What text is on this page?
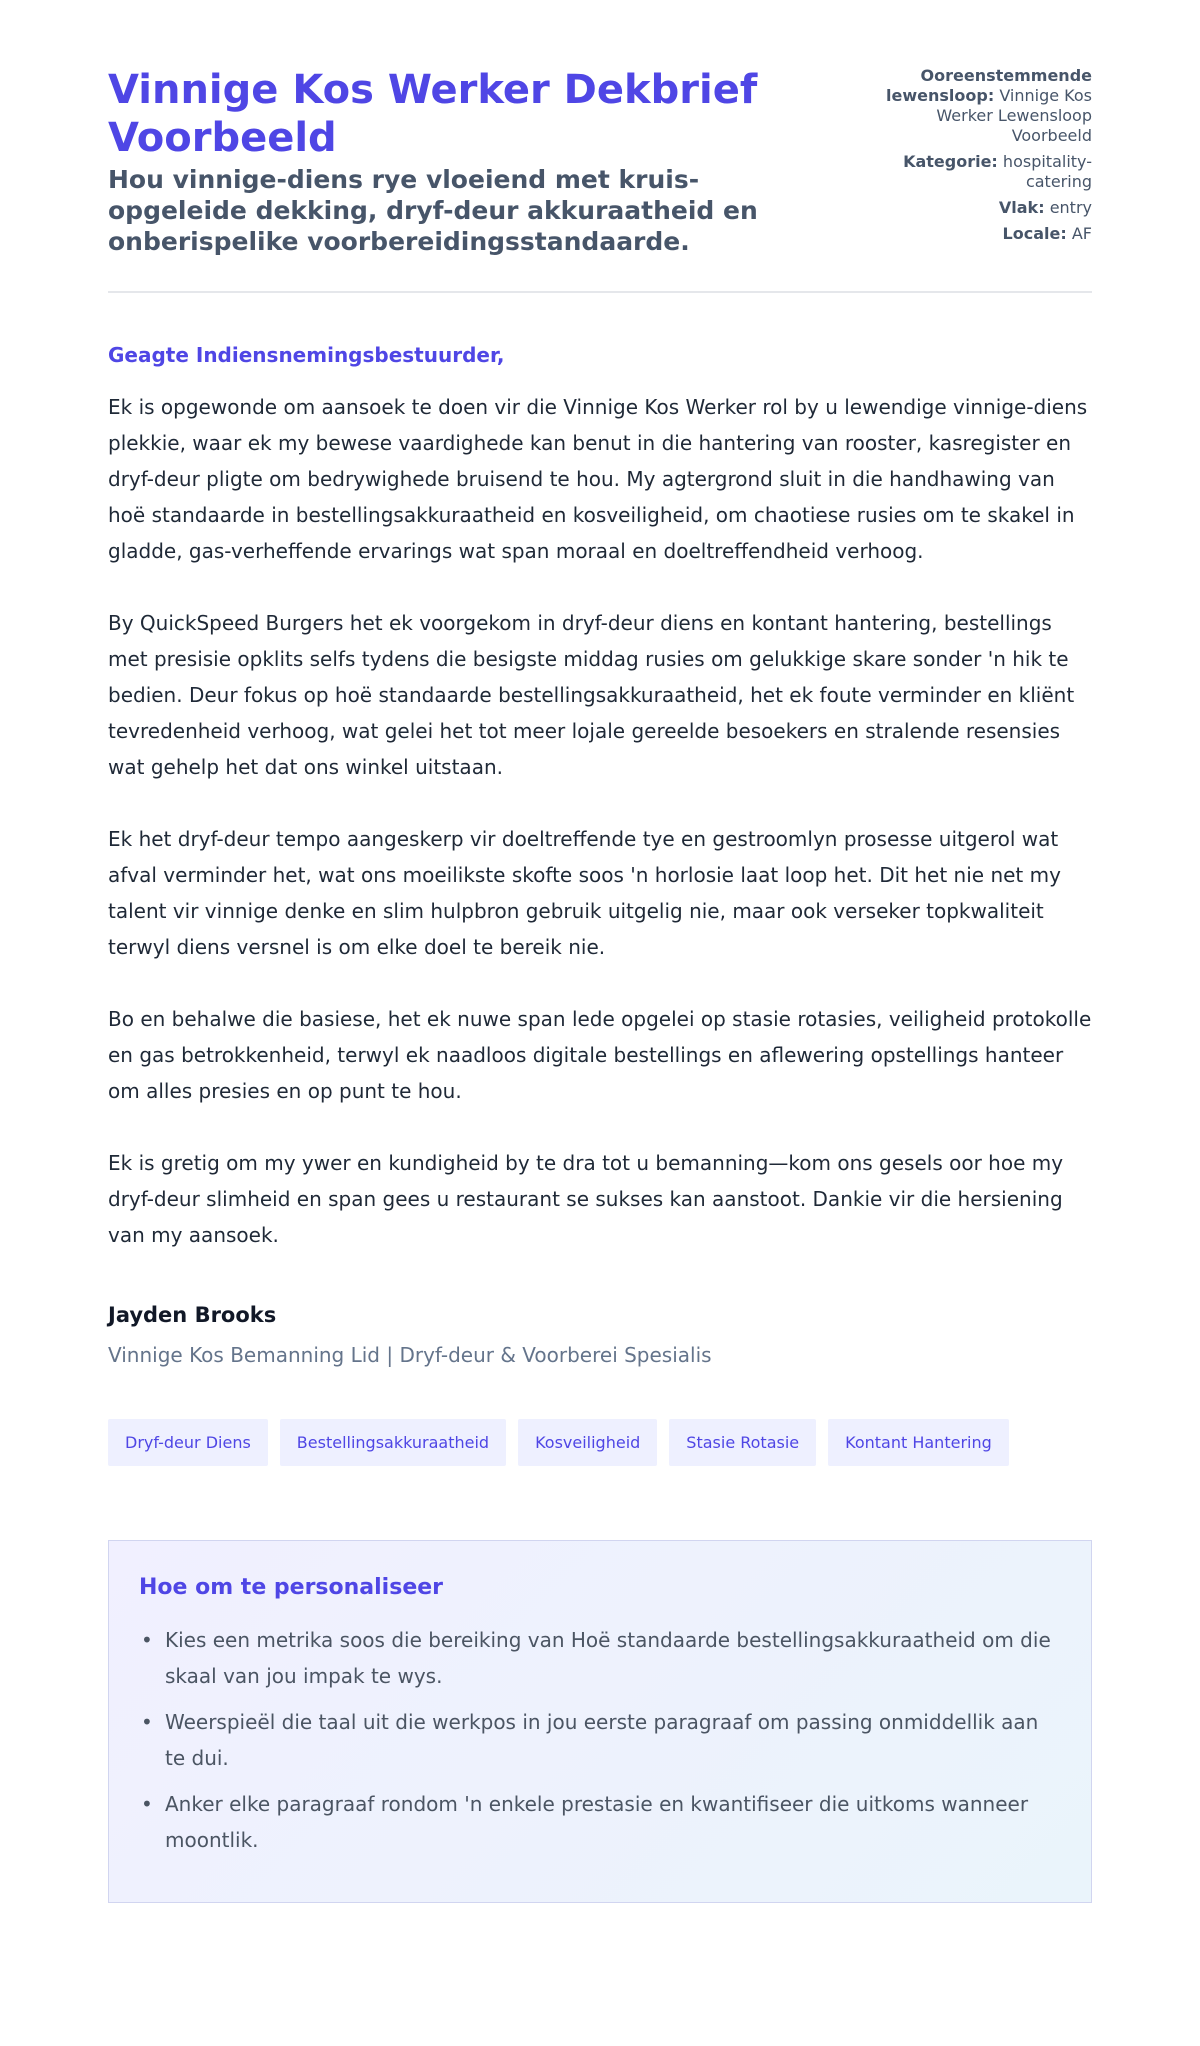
Vinnige Kos Werker Dekbrief Voorbeeld
Hou vinnige-diens rye vloeiend met kruis-opgeleide dekking, dryf-deur akkuraatheid en onberispelike voorbereidingsstandaarde.
Ooreenstemmende lewensloop: Vinnige Kos Werker Lewensloop Voorbeeld
Kategorie: hospitality-catering
Vlak: entry
Locale: AF
Geagte Indiensnemingsbestuurder,

Ek is opgewonde om aansoek te doen vir die Vinnige Kos Werker rol by u lewendige vinnige-diens plekkie, waar ek my bewese vaardighede kan benut in die hantering van rooster, kasregister en dryf-deur pligte om bedrywighede bruisend te hou. My agtergrond sluit in die handhawing van hoë standaarde in bestellingsakkuraatheid en kosveiligheid, om chaotiese rusies om te skakel in gladde, gas-verheffende ervarings wat span moraal en doeltreffendheid verhoog.

By QuickSpeed Burgers het ek voorgekom in dryf-deur diens en kontant hantering, bestellings met presisie opklits selfs tydens die besigste middag rusies om gelukkige skare sonder 'n hik te bedien. Deur fokus op hoë standaarde bestellingsakkuraatheid, het ek foute verminder en kliënt tevredenheid verhoog, wat gelei het tot meer lojale gereelde besoekers en stralende resensies wat gehelp het dat ons winkel uitstaan.

Ek het dryf-deur tempo aangeskerp vir doeltreffende tye en gestroomlyn prosesse uitgerol wat afval verminder het, wat ons moeilikste skofte soos 'n horlosie laat loop het. Dit het nie net my talent vir vinnige denke en slim hulpbron gebruik uitgelig nie, maar ook verseker topkwaliteit terwyl diens versnel is om elke doel te bereik nie.

Bo en behalwe die basiese, het ek nuwe span lede opgelei op stasie rotasies, veiligheid protokolle en gas betrokkenheid, terwyl ek naadloos digitale bestellings en aflewering opstellings hanteer om alles presies en op punt te hou.

Ek is gretig om my ywer en kundigheid by te dra tot u bemanning—kom ons gesels oor hoe my dryf-deur slimheid en span gees u restaurant se sukses kan aanstoot. Dankie vir die hersiening van my aansoek.

Jayden Brooks
Vinnige Kos Bemanning Lid | Dryf-deur & Voorberei Spesialis
Dryf-deur Diens	Bestellingsakkuraatheid	Kosveiligheid	Stasie Rotasie	Kontant Hantering
Hoe om te personaliseer
• Kies een metrika soos die bereiking van Hoë standaarde bestellingsakkuraatheid om die skaal van jou impak te wys.
• Weerspieël die taal uit die werkpos in jou eerste paragraaf om passing onmiddellik aan te dui.
• Anker elke paragraaf rondom 'n enkele prestasie en kwantifiseer die uitkoms wanneer moontlik.
